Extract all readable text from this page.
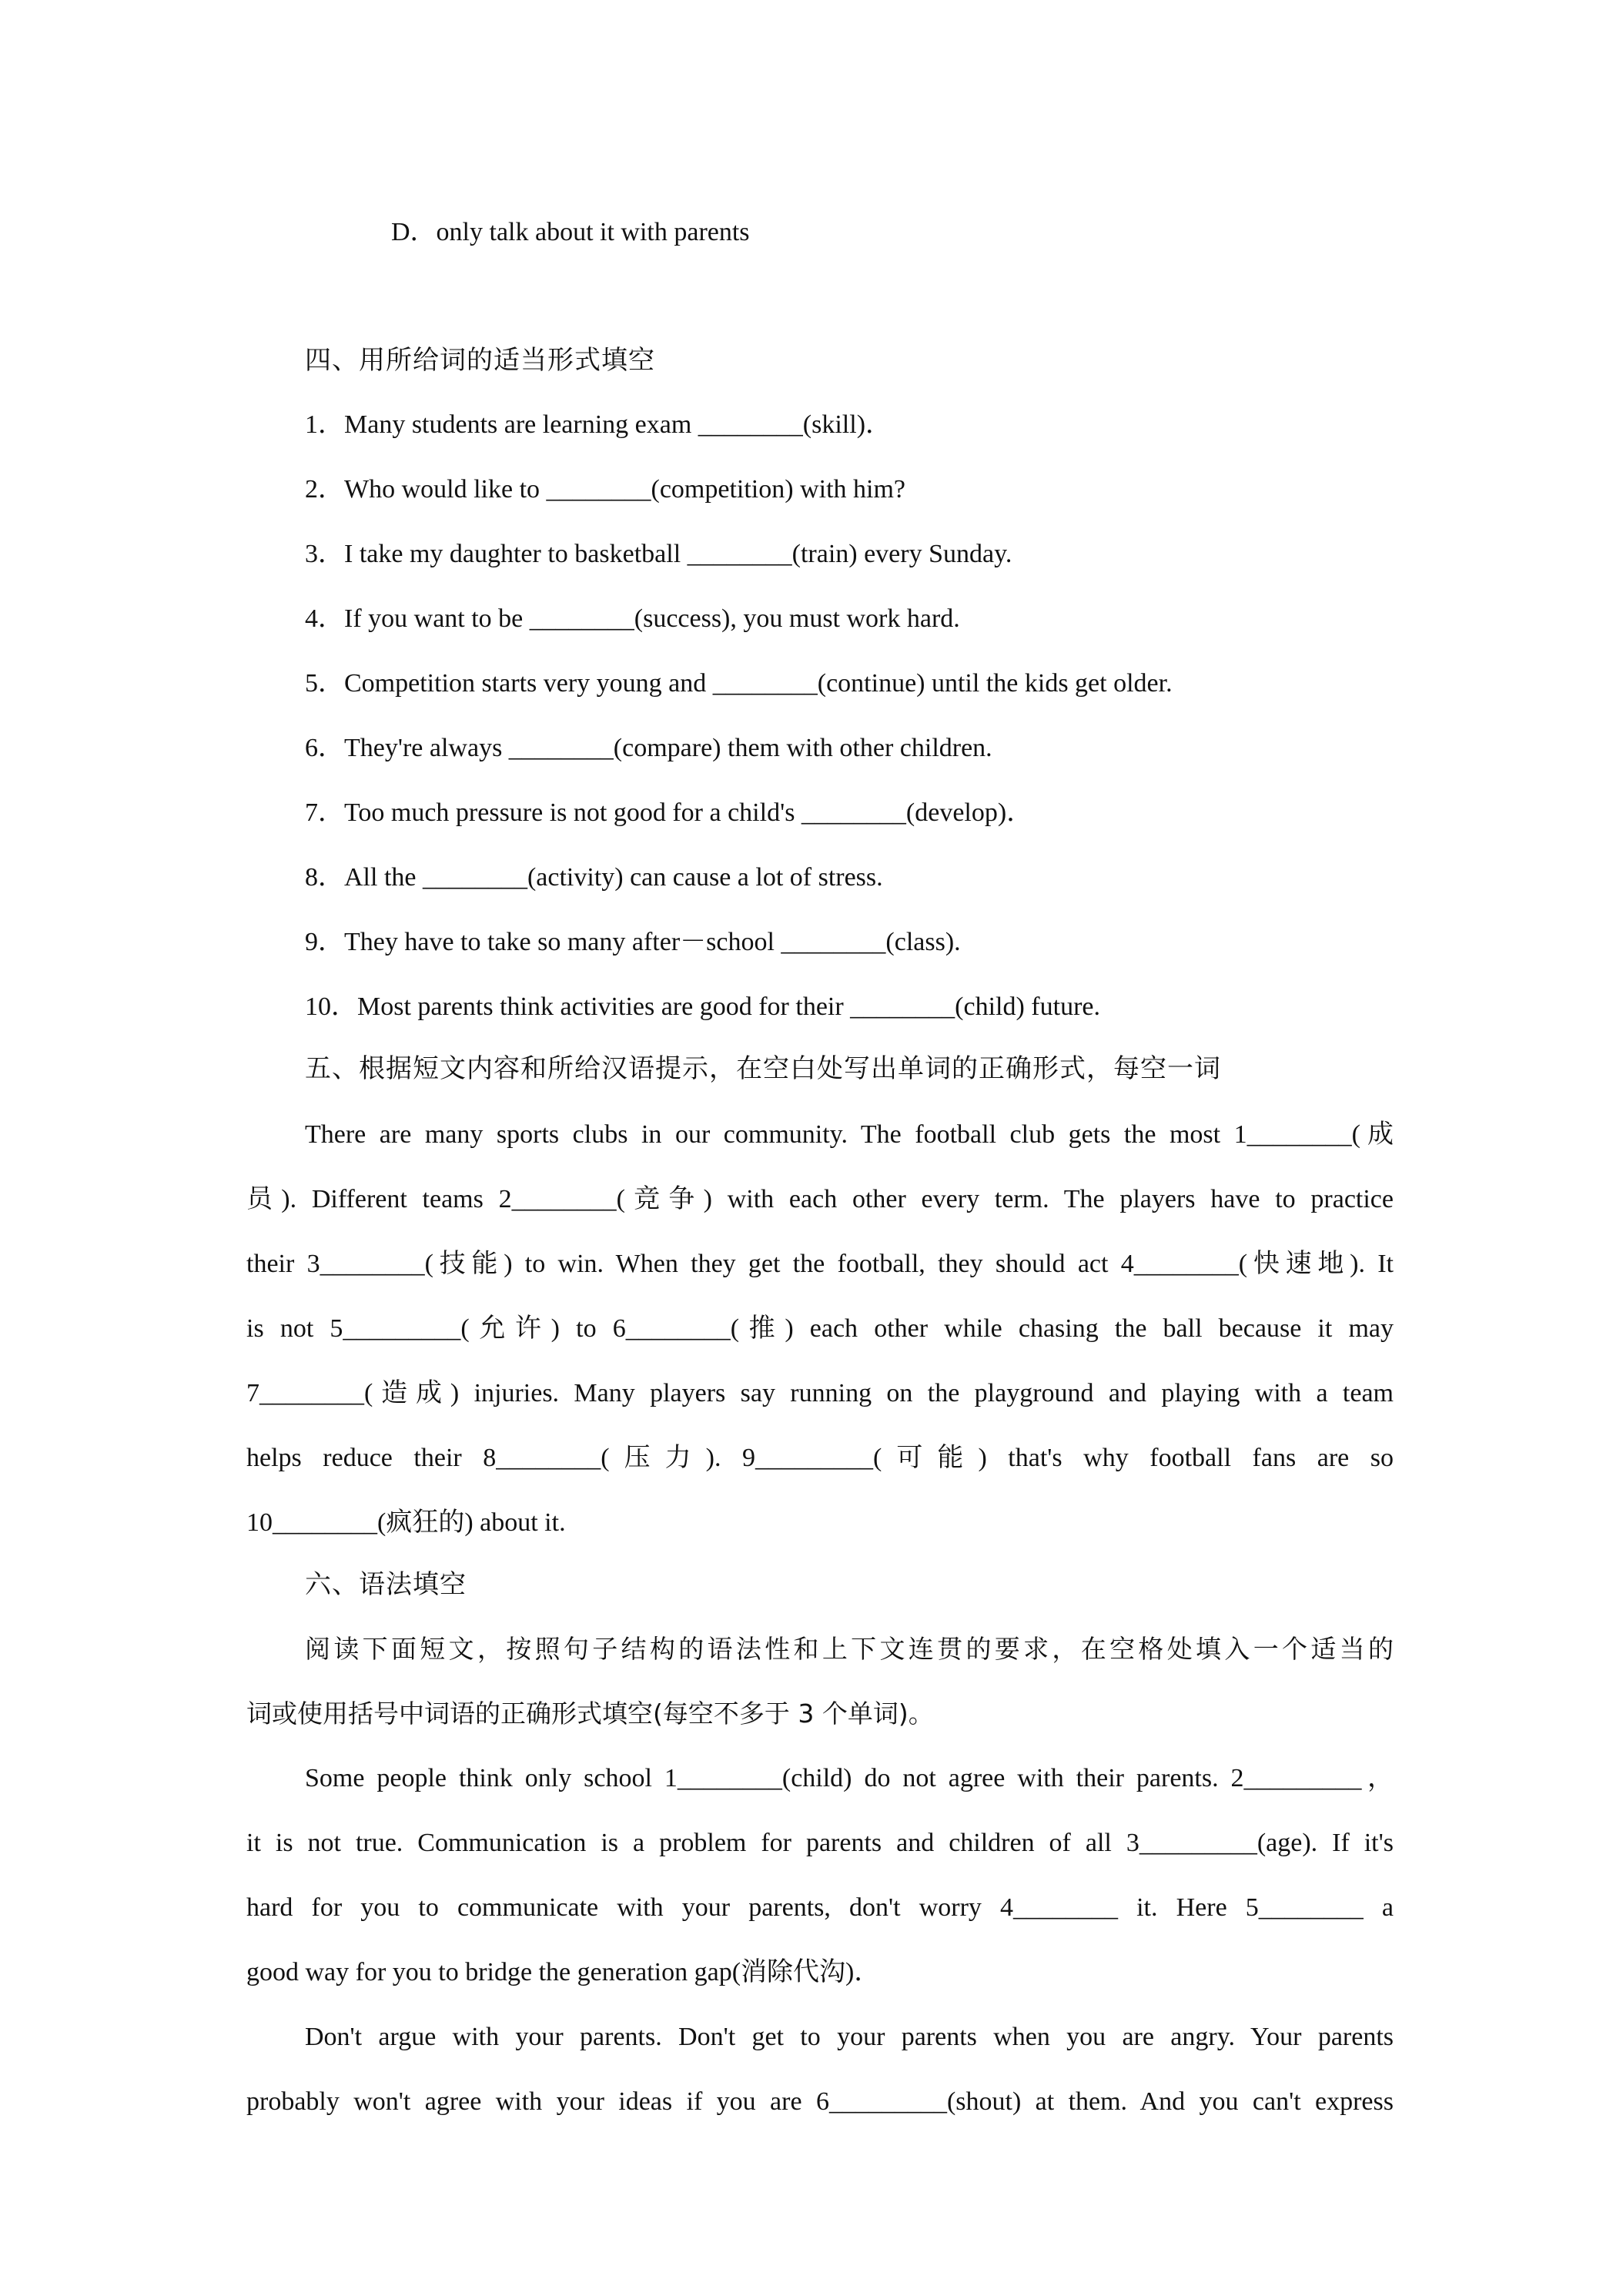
D．only talk about it with parents
四、用所给词的适当形式填空
1．Many students are learning exam ________(skill)．
2．Who would like to ________(competition) with him?
3．I take my daughter to basketball ________(train) every Sunday.
4．If you want to be ________(success), you must work hard.
5．Competition starts very young and ________(continue) until the kids get older.
6．They're always ________(compare) them with other children.
7．Too much pressure is not good for a child's ________(develop)．
8．All the ________(activity) can cause a lot of stress.
9．They have to take so many after－school ________(class).
10．Most parents think activities are good for their ________(child) future.
五、根据短文内容和所给汉语提示，在空白处写出单词的正确形式，每空一词
There are many sports clubs in our community. The football club gets the most 1________(成
员). Different teams 2________(竞争) with each other every term. The players have to practice
their 3________(技能) to win. When they get the football, they should act 4________(快速地). It
is not 5_________(允许) to 6________(推) each other while chasing the ball because it may
7________(造成) injuries. Many players say running on the playground and playing with a team
helps reduce their 8________(压力). 9_________(可能) that's why football fans are so
10________(疯狂的) about it.
六、语法填空
阅读下面短文，按照句子结构的语法性和上下文连贯的要求，在空格处填入一个适当的
词或使用括号中词语的正确形式填空(每空不多于 3 个单词)。
Some people think only school 1________(child) do not agree with their parents. 2_________，
it is not true. Communication is a problem for parents and children of all 3_________(age). If it's
hard for you to communicate with your parents, don't worry 4________ it. Here 5________ a
good way for you to bridge the generation gap(消除代沟)．
Don't argue with your parents. Don't get to your parents when you are angry. Your parents
probably won't agree with your ideas if you are 6_________(shout) at them. And you can't express
